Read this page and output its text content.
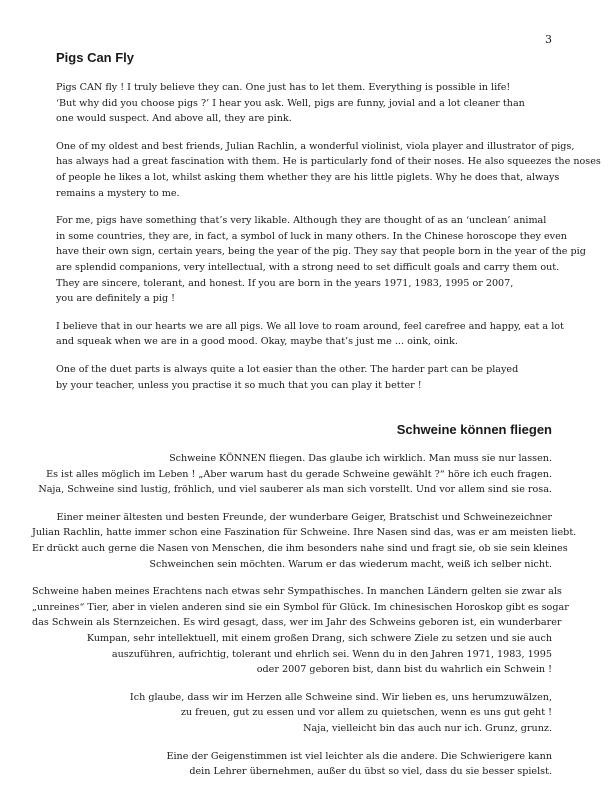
3
Pigs Can Fly

Pigs CAN fly ! I truly believe they can. One just has to let them. Everything is possible in life!
‘But why did you choose pigs ?’ I hear you ask. Well, pigs are funny, jovial and a lot cleaner than
one would suspect. And above all, they are pink.

One of my oldest and best friends, Julian Rachlin, a wonderful violinist, viola player and illustrator of pigs,
has always had a great fascination with them. He is particularly fond of their noses. He also squeezes the noses
of people he likes a lot, whilst asking them whether they are his little piglets. Why he does that, always
remains a mystery to me.

For me, pigs have something that’s very likable. Although they are thought of as an ‘unclean’ animal
in some countries, they are, in fact, a symbol of luck in many others. In the Chinese horoscope they even
have their own sign, certain years, being the year of the pig. They say that people born in the year of the pig
are splendid companions, very intellectual, with a strong need to set difficult goals and carry them out.
They are sincere, tolerant, and honest. If you are born in the years 1971, 1983, 1995 or 2007,
you are definitely a pig !

I believe that in our hearts we are all pigs. We all love to roam around, feel carefree and happy, eat a lot
and squeak when we are in a good mood. Okay, maybe that’s just me ... oink, oink.

One of the duet parts is always quite a lot easier than the other. The harder part can be played
by your teacher, unless you practise it so much that you can play it better !

Schweine können fliegen

Schweine KÖNNEN fliegen. Das glaube ich wirklich. Man muss sie nur lassen.
Es ist alles möglich im Leben ! „Aber warum hast du gerade Schweine gewählt ?“ höre ich euch fragen.
Naja, Schweine sind lustig, fröhlich, und viel sauberer als man sich vorstellt. Und vor allem sind sie rosa.

Einer meiner ältesten und besten Freunde, der wunderbare Geiger, Bratschist und Schweinezeichner
Julian Rachlin, hatte immer schon eine Faszination für Schweine. Ihre Nasen sind das, was er am meisten liebt.
Er drückt auch gerne die Nasen von Menschen, die ihm besonders nahe sind und fragt sie, ob sie sein kleines
Schweinchen sein möchten. Warum er das wiederum macht, weiß ich selber nicht.

Schweine haben meines Erachtens nach etwas sehr Sympathisches. In manchen Ländern gelten sie zwar als
„unreines“ Tier, aber in vielen anderen sind sie ein Symbol für Glück. Im chinesischen Horoskop gibt es sogar
das Schwein als Sternzeichen. Es wird gesagt, dass, wer im Jahr des Schweins geboren ist, ein wunderbarer
Kumpan, sehr intellektuell, mit einem großen Drang, sich schwere Ziele zu setzen und sie auch
auszuführen, aufrichtig, tolerant und ehrlich sei. Wenn du in den Jahren 1971, 1983, 1995
oder 2007 geboren bist, dann bist du wahrlich ein Schwein !

Ich glaube, dass wir im Herzen alle Schweine sind. Wir lieben es, uns herumzuwälzen,
zu freuen, gut zu essen und vor allem zu quietschen, wenn es uns gut geht !
Naja, vielleicht bin das auch nur ich. Grunz, grunz.

Eine der Geigenstimmen ist viel leichter als die andere. Die Schwierigere kann
dein Lehrer übernehmen, außer du übst so viel, dass du sie besser spielst.
